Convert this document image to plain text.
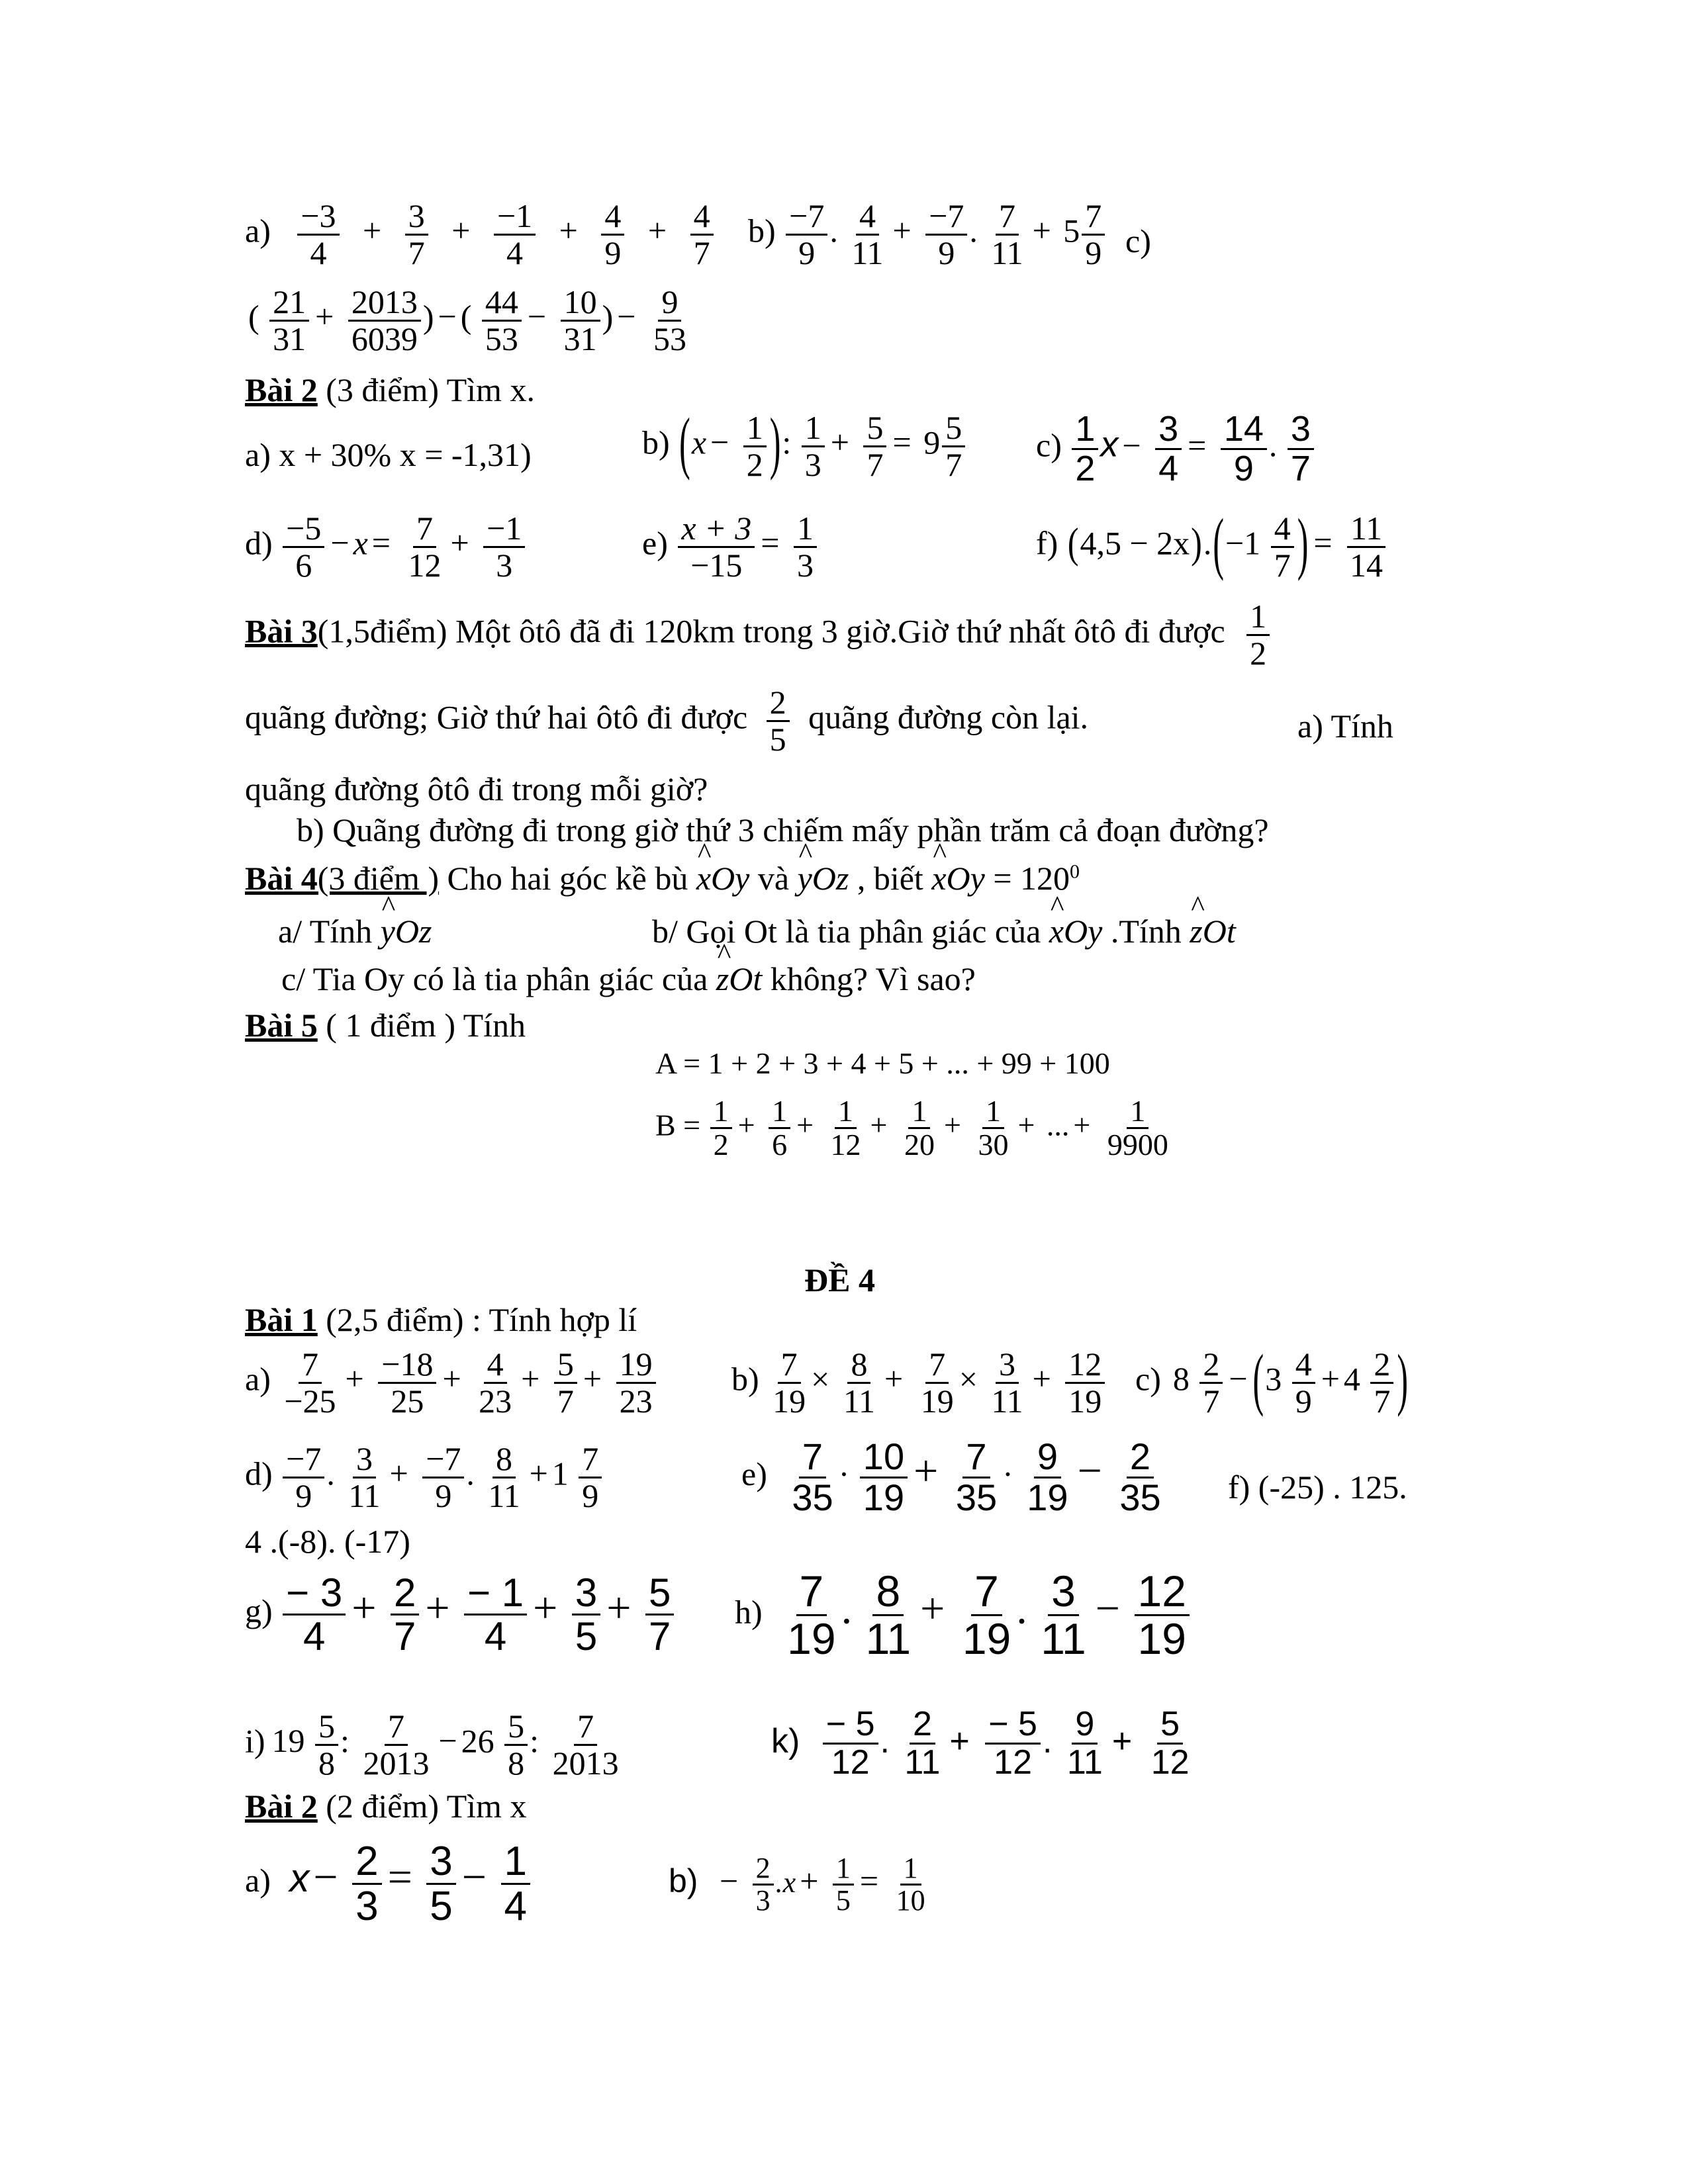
$a) \frac{-3}{4} + \frac{3}{7} + \frac{-1}{4} + \frac{4}{9} + \frac{4}{7} b) \frac{-7}{9}$ . $\frac{4}{11} + \frac{-7}{9}$ . $\frac{7}{11} + 5 \frac{7}{9} c$)
( $\frac{21}{31} + \frac{2013}{6039}$ ) − ( $\frac{44}{53} - \frac{10}{31}$ ) − $\frac{9}{53}$
Bài 2 (3 điểm) Tìm x.
a) x + 30% x = -1,31)	b) ($x - \frac{1}{2}$ ): $\frac{1}{3} + \frac{5}{7} = 9 \frac{5}{7} c) \frac{1}{2}$ $x - \frac{3}{4} = \frac{14}{9}$ . $\frac{3}{7}$
$d) \frac{-5}{6} - x = \frac{7}{12} + \frac{-1}{3}$	$e) \frac{x + 3}{-15} = \frac{1}{3}$	f) $(4,5 - 2x).(-1 \frac{4}{7}$ ) = $\frac{11}{14}$
Bài 3(1,5điểm) Một ôtô đã đi 120km trong 3 giờ.Giờ thứ nhất ôtô đi được $\frac{1}{2}$
quãng đường; Giờ thứ hai ôtô đi được $\frac{2}{5}$ quãng đường còn lại.	a) Tính
quãng đường ôtô đi trong mỗi giờ?
b) Quãng đường đi trong giờ thứ 3 chiếm mấy phần trăm cả đoạn đường?
Bài 4(3 điểm ) Cho hai góc kề bù ^ xOy và ^ yOz , biết ^ xOy = $120^0$
a/ Tính ^ yOz	b/ Gọi Ot là tia phân giác của ^ xOy .Tính ^ zOt
c/ Tia Oy có là tia phân giác của ^ zOt không? Vì sao?
Bài 5 ( 1 điểm ) Tính
A = 1 + 2 + 3 + 4 + 5 + ... + 99 + 100
$B = \frac{1}{2} + \frac{1}{6} + \frac{1}{12} + \frac{1}{20} + \frac{1}{30}$ + ... + $\frac{1}{9900}$
ĐỀ 4
Bài 1 (2,5 điểm) : Tính hợp lí
$a) \frac{7}{-25} + \frac{-18}{25} + \frac{4}{23} + \frac{5}{7} + \frac{19}{23} b) \frac{7}{19} \times \frac{8}{11} + \frac{7}{19} \times \frac{3}{11} + \frac{12}{19} c$) $8 \frac{2}{7} - (3 \frac{4}{9} + 4 \frac{2}{7}$ )
$d) \frac{-7}{9}$ . $\frac{3}{11} + \frac{-7}{9}$ . $\frac{8}{11} + 1 \frac{7}{9}$	$e) \frac{7}{35} \cdot \frac{10}{19} + \frac{7}{35} \cdot \frac{9}{19} - \frac{2}{35} f$) (-25) . 125.
4 .(-8). (-17)
$g) \frac{- 3}{4} + \frac{2}{7} + \frac{- 1}{4} + \frac{3}{5} + \frac{5}{7} h) \frac{7}{19}$ . $\frac{8}{11} + \frac{7}{19}$ . $\frac{3}{11} - \frac{12}{19}$
i) $19 \frac{5}{8}$ : $\frac{7}{2013} - 26 \frac{5}{8}$ : $\frac{7}{2013}$	$k) \frac{- 5}{12}$ . $\frac{2}{11} + \frac{- 5}{12}$ . $\frac{9}{11} + \frac{5}{12}$
Bài 2 (2 điểm) Tìm x
a) $x- \frac{2}{3} = \frac{3}{5} - \frac{1}{4}$	$b) - \frac{2}{3} .x + \frac{1}{5} = \frac{1}{10}$
